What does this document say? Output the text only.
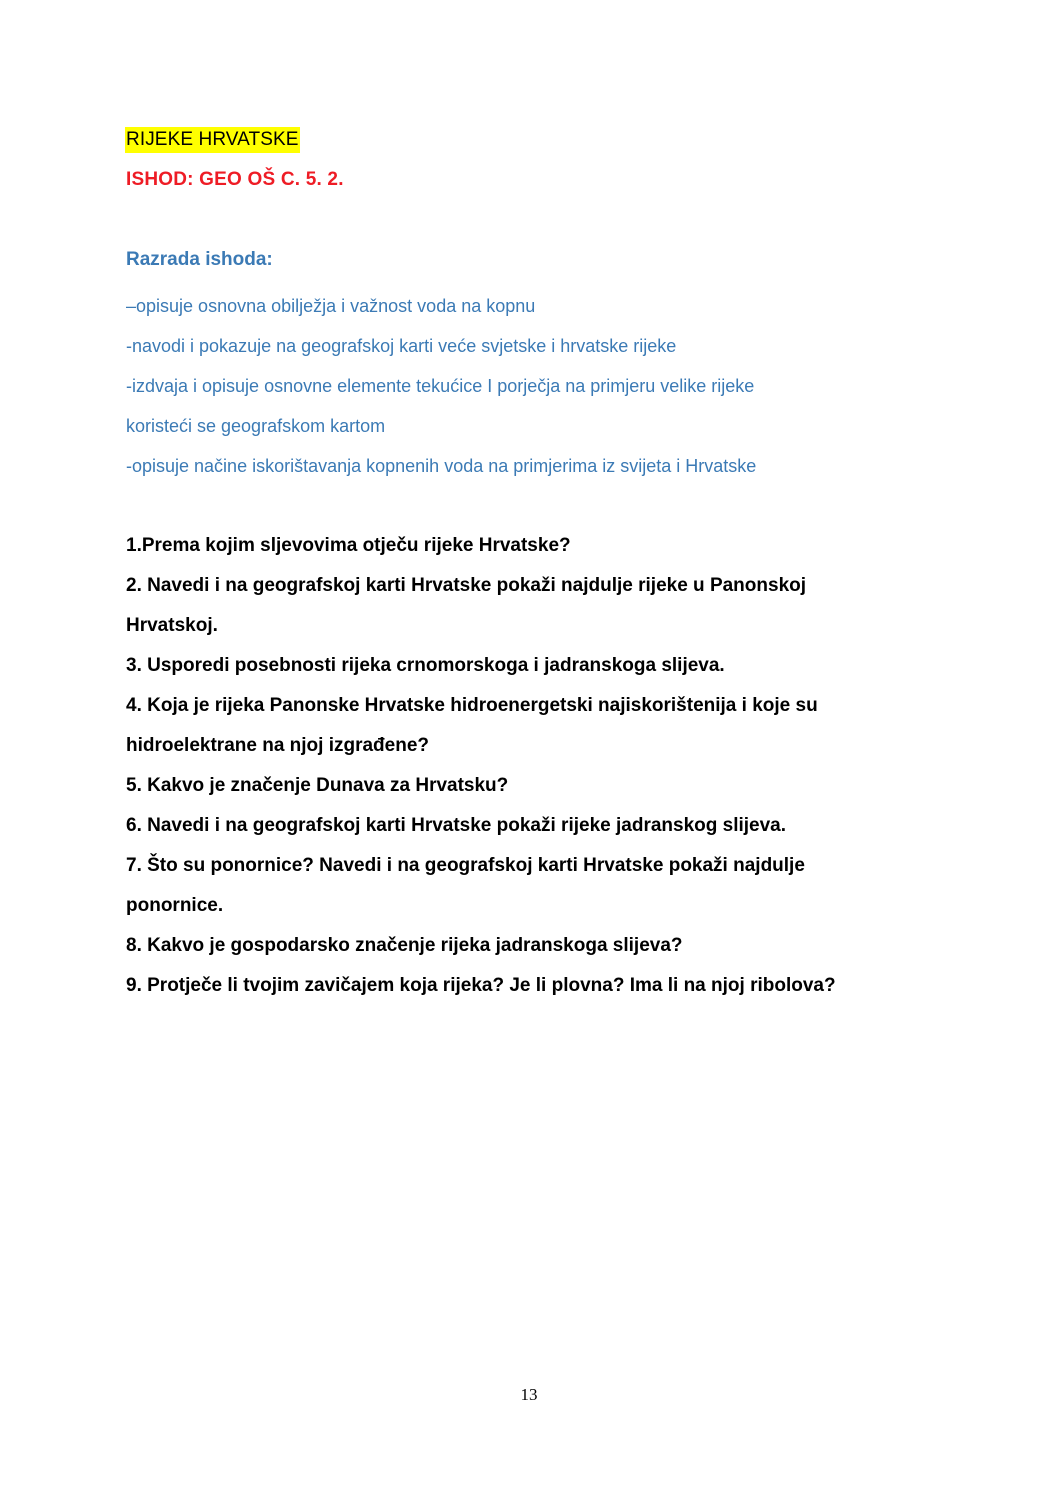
RIJEKE HRVATSKE
ISHOD: GEO OŠ C. 5. 2.
Razrada ishoda:
–opisuje osnovna obilježja i važnost voda na kopnu
-navodi i pokazuje na geografskoj karti veće svjetske i hrvatske rijeke
-izdvaja i opisuje osnovne elemente tekućice I porječja na primjeru velike rijeke
koristeći se geografskom kartom
-opisuje načine iskorištavanja kopnenih voda na primjerima iz svijeta i Hrvatske
1.Prema kojim sljevovima otječu rijeke Hrvatske?
2. Navedi i na geografskoj karti Hrvatske pokaži najdulje rijeke u Panonskoj
Hrvatskoj.
3. Usporedi posebnosti rijeka crnomorskoga i jadranskoga slijeva.
4. Koja je rijeka Panonske Hrvatske hidroenergetski najiskorištenija i koje su
hidroelektrane na njoj izgrađene?
5. Kakvo je značenje Dunava za Hrvatsku?
6. Navedi i na geografskoj karti Hrvatske pokaži rijeke jadranskog slijeva.
7. Što su ponornice? Navedi i na geografskoj karti Hrvatske pokaži najdulje
ponornice.
8. Kakvo je gospodarsko značenje rijeka jadranskoga slijeva?
9. Protječe li tvojim zavičajem koja rijeka? Je li plovna? Ima li na njoj ribolova?
13
